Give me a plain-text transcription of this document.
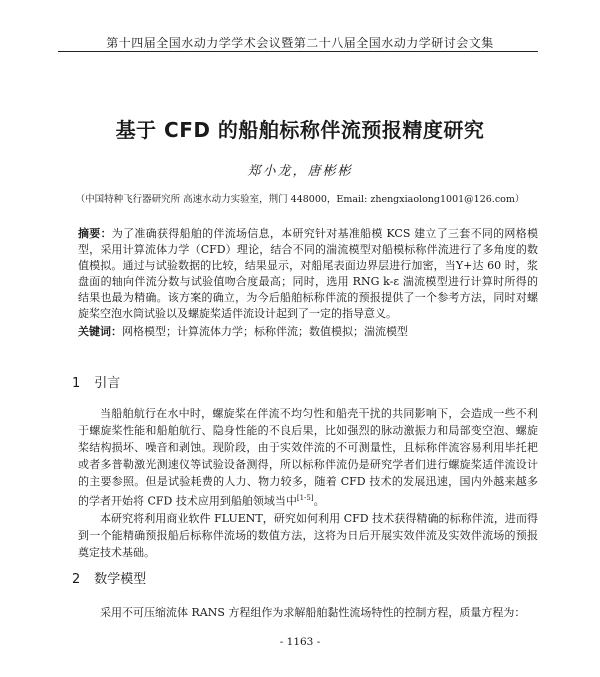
第十四届全国水动力学学术会议暨第二十八届全国水动力学研讨会文集
基于 CFD 的船舶标称伴流预报精度研究
郑小龙，唐彬彬
（中国特种飞行器研究所 高速水动力实验室，荆门 448000，Email: zhengxiaolong1001@126.com）
摘要：为了准确获得船舶的伴流场信息，本研究针对基准船模 KCS 建立了三套不同的网格模型，采用计算流体力学（CFD）理论，结合不同的湍流模型对船模标称伴流进行了多角度的数值模拟。通过与试验数据的比较，结果显示，对船尾表面边界层进行加密，当Y+达 60 时，浆盘面的轴向伴流分数与试验值吻合度最高；同时，选用 RNG k-ε 湍流模型进行计算时所得的结果也最为精确。该方案的确立，为今后船舶标称伴流的预报提供了一个参考方法，同时对螺旋桨空泡水筒试验以及螺旋桨适伴流设计起到了一定的指导意义。
关键词：网格模型；计算流体力学；标称伴流；数值模拟；湍流模型
1 引言

当船舶航行在水中时，螺旋桨在伴流不均匀性和船壳干扰的共同影响下，会造成一些不利于螺旋桨性能和船舶航行、隐身性能的不良后果，比如强烈的脉动激振力和局部变空泡、螺旋桨结构损坏、噪音和剥蚀。现阶段，由于实效伴流的不可测量性，且标称伴流容易利用毕托耙或者多普勒激光测速仪等试验设备测得，所以标称伴流仍是研究学者们进行螺旋桨适伴流设计的主要参照。但是试验耗费的人力、物力较多，随着 CFD 技术的发展迅速，国内外越来越多的学者开始将 CFD 技术应用到船舶领域当中[1-5]。

本研究将利用商业软件 FLUENT，研究如何利用 CFD 技术获得精确的标称伴流，进而得到一个能精确预报船后标称伴流场的数值方法，这将为日后开展实效伴流及实效伴流场的预报奠定技术基础。

2 数学模型

采用不可压缩流体 RANS 方程组作为求解船舶黏性流场特性的控制方程，质量方程为：

- 1163 -
